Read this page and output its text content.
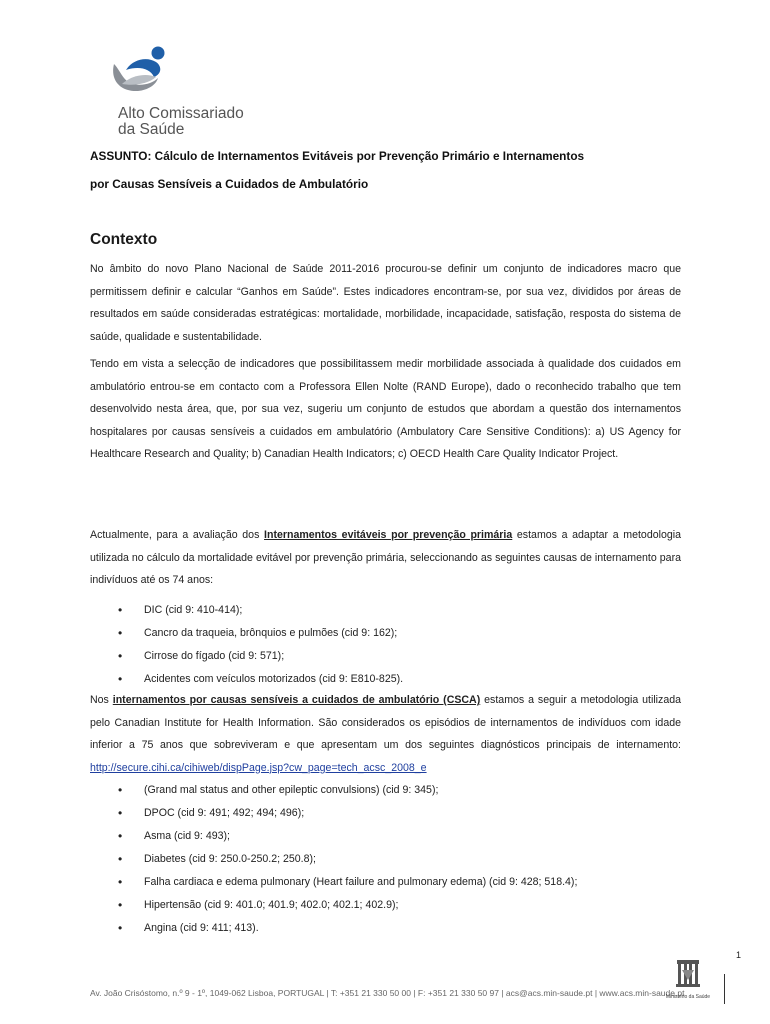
Alto Comissariado
da Saúde
ASSUNTO: Cálculo de Internamentos Evitáveis por Prevenção Primário e Internamentos
por Causas Sensíveis a Cuidados de Ambulatório
Contexto
No âmbito do novo Plano Nacional de Saúde 2011-2016 procurou-se definir um conjunto de indicadores macro que permitissem definir e calcular “Ganhos em Saúde”. Estes indicadores encontram-se, por sua vez, divididos por áreas de resultados em saúde consideradas estratégicas: mortalidade, morbilidade, incapacidade, satisfação, resposta do sistema de saúde, qualidade e sustentabilidade.
Tendo em vista a selecção de indicadores que possibilitassem medir morbilidade associada à qualidade dos cuidados em ambulatório entrou-se em contacto com a Professora Ellen Nolte (RAND Europe), dado o reconhecido trabalho que tem desenvolvido nesta área, que, por sua vez, sugeriu um conjunto de estudos que abordam a questão dos internamentos hospitalares por causas sensíveis a cuidados em ambulatório (Ambulatory Care Sensitive Conditions): a) US Agency for Healthcare Research and Quality; b) Canadian Health Indicators; c) OECD Health Care Quality Indicator Project.
Actualmente, para a avaliação dos Internamentos evitáveis por prevenção primária estamos a adaptar a metodologia utilizada no cálculo da mortalidade evitável por prevenção primária, seleccionando as seguintes causas de internamento para indivíduos até os 74 anos:
• DIC (cid 9: 410-414);
• Cancro da traqueia, brônquios e pulmões (cid 9: 162);
• Cirrose do fígado (cid 9: 571);
• Acidentes com veículos motorizados (cid 9: E810-825).
Nos internamentos por causas sensíveis a cuidados de ambulatório (CSCA) estamos a seguir a metodologia utilizada pelo Canadian Institute for Health Information. São considerados os episódios de internamentos de indivíduos com idade inferior a 75 anos que sobreviveram e que apresentam um dos seguintes diagnósticos principais de internamento: http://secure.cihi.ca/cihiweb/dispPage.jsp?cw_page=tech_acsc_2008_e
• (Grand mal status and other epileptic convulsions) (cid 9: 345);
• DPOC (cid 9: 491; 492; 494; 496);
• Asma (cid 9: 493);
• Diabetes (cid 9: 250.0-250.2; 250.8);
• Falha cardiaca e edema pulmonary (Heart failure and pulmonary edema) (cid 9: 428; 518.4);
• Hipertensão (cid 9: 401.0; 401.9; 402.0; 402.1; 402.9);
• Angina (cid 9: 411; 413).
Av. João Crisóstomo, n.º 9 - 1º, 1049-062 Lisboa, PORTUGAL | T: +351 21 330 50 00 | F: +351 21 330 50 97 | acs@acs.min-saude.pt | www.acs.min-saude.pt
Ministério da Saúde
1
